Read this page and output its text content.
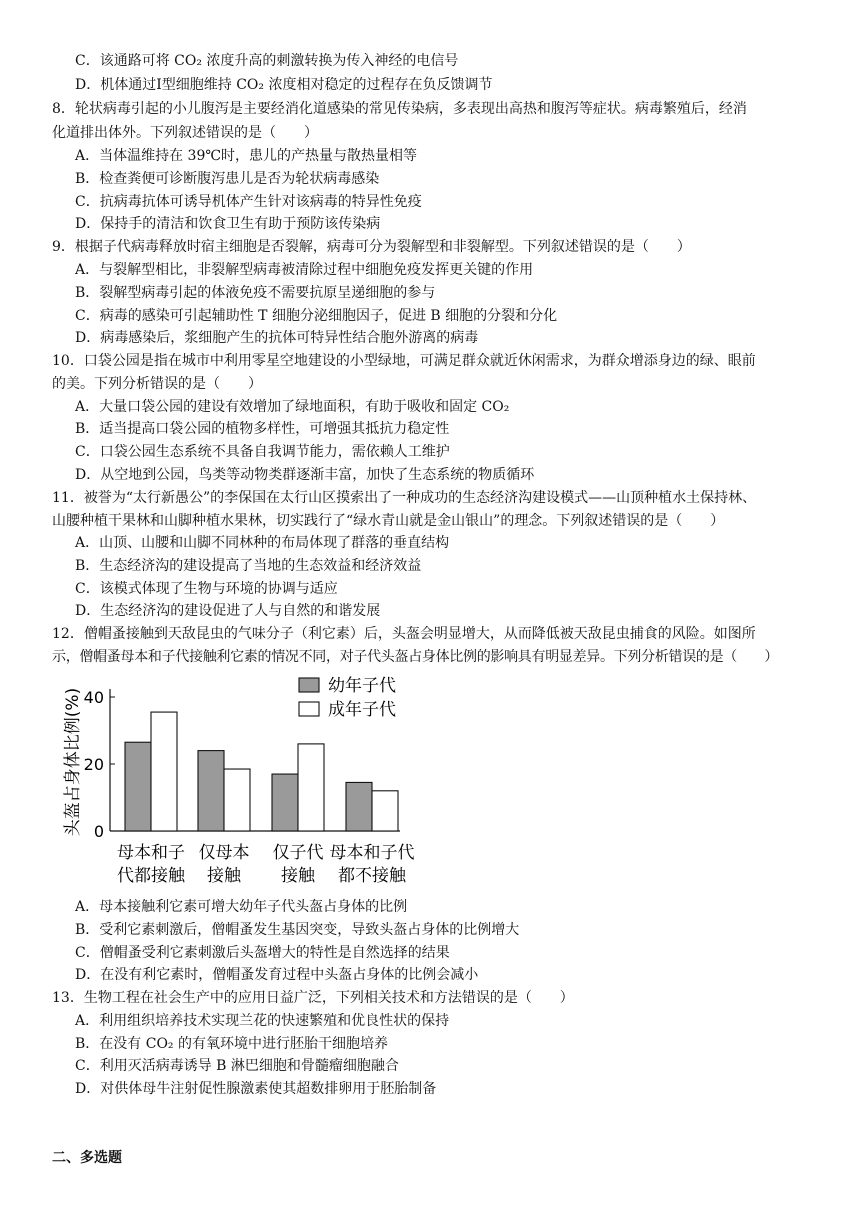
C．该通路可将 CO₂ 浓度升高的刺激转换为传入神经的电信号
D．机体通过Ⅰ型细胞维持 CO₂ 浓度相对稳定的过程存在负反馈调节
8．轮状病毒引起的小儿腹泻是主要经消化道感染的常见传染病，多表现出高热和腹泻等症状。病毒繁殖后，经消
化道排出体外。下列叙述错误的是（　　）
A．当体温维持在 39℃时，患儿的产热量与散热量相等
B．检查粪便可诊断腹泻患儿是否为轮状病毒感染
C．抗病毒抗体可诱导机体产生针对该病毒的特异性免疫
D．保持手的清洁和饮食卫生有助于预防该传染病
9．根据子代病毒释放时宿主细胞是否裂解，病毒可分为裂解型和非裂解型。下列叙述错误的是（　　）
A．与裂解型相比，非裂解型病毒被清除过程中细胞免疫发挥更关键的作用
B．裂解型病毒引起的体液免疫不需要抗原呈递细胞的参与
C．病毒的感染可引起辅助性 T 细胞分泌细胞因子，促进 B 细胞的分裂和分化
D．病毒感染后，浆细胞产生的抗体可特异性结合胞外游离的病毒
10．口袋公园是指在城市中利用零星空地建设的小型绿地，可满足群众就近休闲需求，为群众增添身边的绿、眼前
的美。下列分析错误的是（　　）
A．大量口袋公园的建设有效增加了绿地面积，有助于吸收和固定 CO₂
B．适当提高口袋公园的植物多样性，可增强其抵抗力稳定性
C．口袋公园生态系统不具备自我调节能力，需依赖人工维护
D．从空地到公园，鸟类等动物类群逐渐丰富，加快了生态系统的物质循环
11．被誉为“太行新愚公”的李保国在太行山区摸索出了一种成功的生态经济沟建设模式——山顶种植水土保持林、
山腰种植干果林和山脚种植水果林，切实践行了“绿水青山就是金山银山”的理念。下列叙述错误的是（　　）
A．山顶、山腰和山脚不同林种的布局体现了群落的垂直结构
B．生态经济沟的建设提高了当地的生态效益和经济效益
C．该模式体现了生物与环境的协调与适应
D．生态经济沟的建设促进了人与自然的和谐发展
12．僧帽蚤接触到天敌昆虫的气味分子（利它素）后，头盔会明显增大，从而降低被天敌昆虫捕食的风险。如图所
示，僧帽蚤母本和子代接触利它素的情况不同，对子代头盔占身体比例的影响具有明显差异。下列分析错误的是（　　）
0
20
40
头盔占身体比例(%)
母本和子
代都接触
仅母本
接触
仅子代
接触
母本和子代
都不接触
幼年子代
成年子代
A．母本接触利它素可增大幼年子代头盔占身体的比例
B．受利它素刺激后，僧帽蚤发生基因突变，导致头盔占身体的比例增大
C．僧帽蚤受利它素刺激后头盔增大的特性是自然选择的结果
D．在没有利它素时，僧帽蚤发育过程中头盔占身体的比例会减小
13．生物工程在社会生产中的应用日益广泛，下列相关技术和方法错误的是（　　）
A．利用组织培养技术实现兰花的快速繁殖和优良性状的保持
B．在没有 CO₂ 的有氧环境中进行胚胎干细胞培养
C．利用灭活病毒诱导 B 淋巴细胞和骨髓瘤细胞融合
D．对供体母牛注射促性腺激素使其超数排卵用于胚胎制备
二、多选题
